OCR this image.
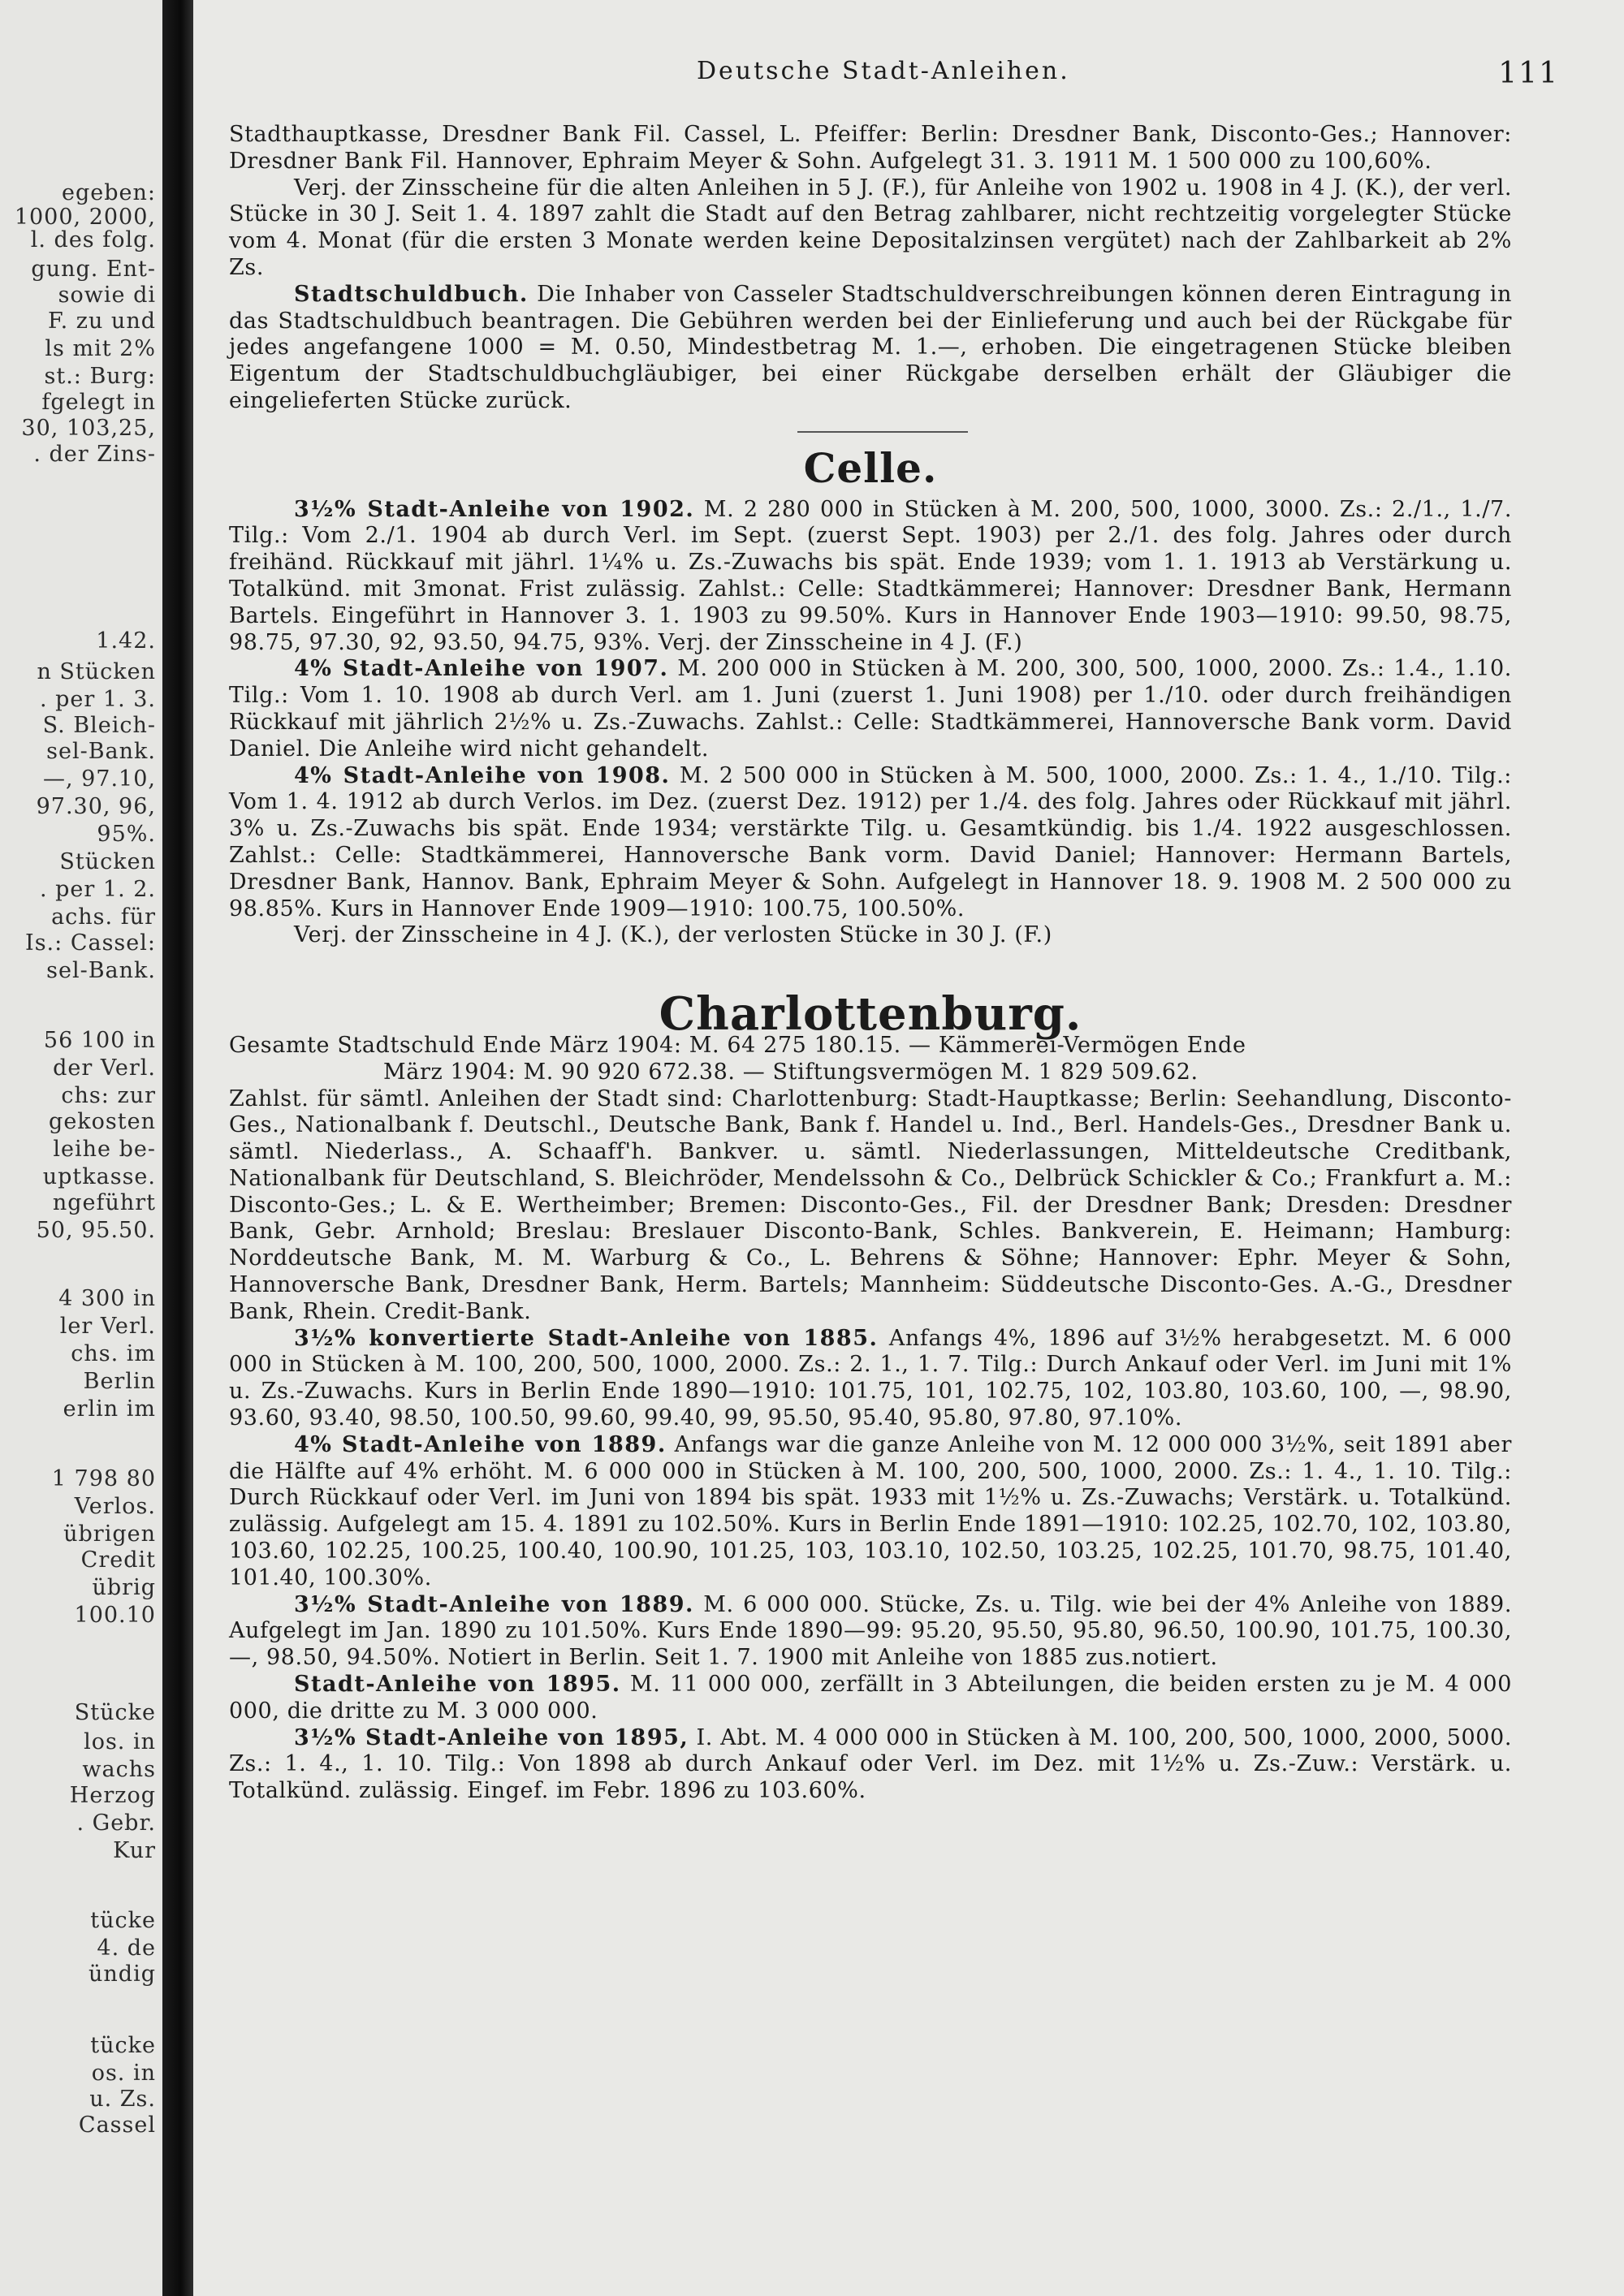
egeben:
1000, 2000,
l. des folg.
gung. Ent-
sowie di
F. zu und
ls mit 2%
st.: Burg:
fgelegt in
30, 103,25,
. der Zins-
1.42.
n Stücken
. per 1. 3.
S. Bleich-
sel-Bank.
—, 97.10,
97.30, 96,
95%.
Stücken
. per 1. 2.
achs. für
Is.: Cassel:
sel-Bank.
56 100 in
der Verl.
chs: zur
gekosten
leihe be-
uptkasse.
ngeführt
50, 95.50.
4 300 in
ler Verl.
chs. im
Berlin
erlin im
1 798 80
Verlos.
übrigen
Credit
übrig
100.10
Stücke
los. in
wachs
Herzog
. Gebr.
Kur
tücke
4. de
ündig
tücke
os. in
u. Zs.
Cassel
Deutsche Stadt-Anleihen.	111

Stadthauptkasse, Dresdner Bank Fil. Cassel, L. Pfeiffer: Berlin: Dresdner Bank, Disconto-Ges.; Hannover: Dresdner Bank Fil. Hannover, Ephraim Meyer & Sohn. Aufgelegt 31. 3. 1911 M. 1 500 000 zu 100,60%.

Verj. der Zinsscheine für die alten Anleihen in 5 J. (F.), für Anleihe von 1902 u. 1908 in 4 J. (K.), der verl. Stücke in 30 J. Seit 1. 4. 1897 zahlt die Stadt auf den Betrag zahlbarer, nicht rechtzeitig vorgelegter Stücke vom 4. Monat (für die ersten 3 Monate werden keine Depositalzinsen vergütet) nach der Zahlbarkeit ab 2% Zs.

Stadtschuldbuch. Die Inhaber von Casseler Stadtschuldverschreibungen können deren Eintragung in das Stadtschuldbuch beantragen. Die Gebühren werden bei der Einlieferung und auch bei der Rückgabe für jedes angefangene 1000 = M. 0.50, Mindestbetrag M. 1.—, erhoben. Die eingetragenen Stücke bleiben Eigentum der Stadtschuldbuchgläubiger, bei einer Rückgabe derselben erhält der Gläubiger die eingelieferten Stücke zurück.

Celle.

3½% Stadt-Anleihe von 1902. M. 2 280 000 in Stücken à M. 200, 500, 1000, 3000. Zs.: 2./1., 1./7. Tilg.: Vom 2./1. 1904 ab durch Verl. im Sept. (zuerst Sept. 1903) per 2./1. des folg. Jahres oder durch freihänd. Rückkauf mit jährl. 1¼% u. Zs.-Zuwachs bis spät. Ende 1939; vom 1. 1. 1913 ab Verstärkung u. Totalkünd. mit 3monat. Frist zulässig. Zahlst.: Celle: Stadtkämmerei; Hannover: Dresdner Bank, Hermann Bartels. Eingeführt in Hannover 3. 1. 1903 zu 99.50%. Kurs in Hannover Ende 1903—1910: 99.50, 98.75, 98.75, 97.30, 92, 93.50, 94.75, 93%. Verj. der Zinsscheine in 4 J. (F.)

4% Stadt-Anleihe von 1907. M. 200 000 in Stücken à M. 200, 300, 500, 1000, 2000. Zs.: 1.4., 1.10. Tilg.: Vom 1. 10. 1908 ab durch Verl. am 1. Juni (zuerst 1. Juni 1908) per 1./10. oder durch freihändigen Rückkauf mit jährlich 2½% u. Zs.-Zuwachs. Zahlst.: Celle: Stadtkämmerei, Hannoversche Bank vorm. David Daniel. Die Anleihe wird nicht gehandelt.

4% Stadt-Anleihe von 1908. M. 2 500 000 in Stücken à M. 500, 1000, 2000. Zs.: 1. 4., 1./10. Tilg.: Vom 1. 4. 1912 ab durch Verlos. im Dez. (zuerst Dez. 1912) per 1./4. des folg. Jahres oder Rückkauf mit jährl. 3% u. Zs.-Zuwachs bis spät. Ende 1934; verstärkte Tilg. u. Gesamtkündig. bis 1./4. 1922 ausgeschlossen. Zahlst.: Celle: Stadtkämmerei, Hannoversche Bank vorm. David Daniel; Hannover: Hermann Bartels, Dresdner Bank, Hannov. Bank, Ephraim Meyer & Sohn. Aufgelegt in Hannover 18. 9. 1908 M. 2 500 000 zu 98.85%. Kurs in Hannover Ende 1909—1910: 100.75, 100.50%.

Verj. der Zinsscheine in 4 J. (K.), der verlosten Stücke in 30 J. (F.)

Charlottenburg.

Gesamte Stadtschuld Ende März 1904: M. 64 275 180.15. — Kämmerei-Vermögen Ende
März 1904: M. 90 920 672.38. — Stiftungsvermögen M. 1 829 509.62.

Zahlst. für sämtl. Anleihen der Stadt sind: Charlottenburg: Stadt-Hauptkasse; Berlin: Seehandlung, Disconto-Ges., Nationalbank f. Deutschl., Deutsche Bank, Bank f. Handel u. Ind., Berl. Handels-Ges., Dresdner Bank u. sämtl. Niederlass., A. Schaaff'h. Bankver. u. sämtl. Niederlassungen, Mitteldeutsche Creditbank, Nationalbank für Deutschland, S. Bleichröder, Mendelssohn & Co., Delbrück Schickler & Co.; Frankfurt a. M.: Disconto-Ges.; L. & E. Wertheimber; Bremen: Disconto-Ges., Fil. der Dresdner Bank; Dresden: Dresdner Bank, Gebr. Arnhold; Breslau: Breslauer Disconto-Bank, Schles. Bankverein, E. Heimann; Hamburg: Norddeutsche Bank, M. M. Warburg & Co., L. Behrens & Söhne; Hannover: Ephr. Meyer & Sohn, Hannoversche Bank, Dresdner Bank, Herm. Bartels; Mannheim: Süddeutsche Disconto-Ges. A.-G., Dresdner Bank, Rhein. Credit-Bank.

3½% konvertierte Stadt-Anleihe von 1885. Anfangs 4%, 1896 auf 3½% herabgesetzt. M. 6 000 000 in Stücken à M. 100, 200, 500, 1000, 2000. Zs.: 2. 1., 1. 7. Tilg.: Durch Ankauf oder Verl. im Juni mit 1% u. Zs.-Zuwachs. Kurs in Berlin Ende 1890—1910: 101.75, 101, 102.75, 102, 103.80, 103.60, 100, —, 98.90, 93.60, 93.40, 98.50, 100.50, 99.60, 99.40, 99, 95.50, 95.40, 95.80, 97.80, 97.10%.

4% Stadt-Anleihe von 1889. Anfangs war die ganze Anleihe von M. 12 000 000 3½%, seit 1891 aber die Hälfte auf 4% erhöht. M. 6 000 000 in Stücken à M. 100, 200, 500, 1000, 2000. Zs.: 1. 4., 1. 10. Tilg.: Durch Rückkauf oder Verl. im Juni von 1894 bis spät. 1933 mit 1½% u. Zs.-Zuwachs; Verstärk. u. Totalkünd. zulässig. Aufgelegt am 15. 4. 1891 zu 102.50%. Kurs in Berlin Ende 1891—1910: 102.25, 102.70, 102, 103.80, 103.60, 102.25, 100.25, 100.40, 100.90, 101.25, 103, 103.10, 102.50, 103.25, 102.25, 101.70, 98.75, 101.40, 101.40, 100.30%.

3½% Stadt-Anleihe von 1889. M. 6 000 000. Stücke, Zs. u. Tilg. wie bei der 4% Anleihe von 1889. Aufgelegt im Jan. 1890 zu 101.50%. Kurs Ende 1890—99: 95.20, 95.50, 95.80, 96.50, 100.90, 101.75, 100.30, —, 98.50, 94.50%. Notiert in Berlin. Seit 1. 7. 1900 mit Anleihe von 1885 zus.notiert.

Stadt-Anleihe von 1895. M. 11 000 000, zerfällt in 3 Abteilungen, die beiden ersten zu je M. 4 000 000, die dritte zu M. 3 000 000.

3½% Stadt-Anleihe von 1895, I. Abt. M. 4 000 000 in Stücken à M. 100, 200, 500, 1000, 2000, 5000. Zs.: 1. 4., 1. 10. Tilg.: Von 1898 ab durch Ankauf oder Verl. im Dez. mit 1½% u. Zs.-Zuw.: Verstärk. u. Totalkünd. zulässig. Eingef. im Febr. 1896 zu 103.60%.
